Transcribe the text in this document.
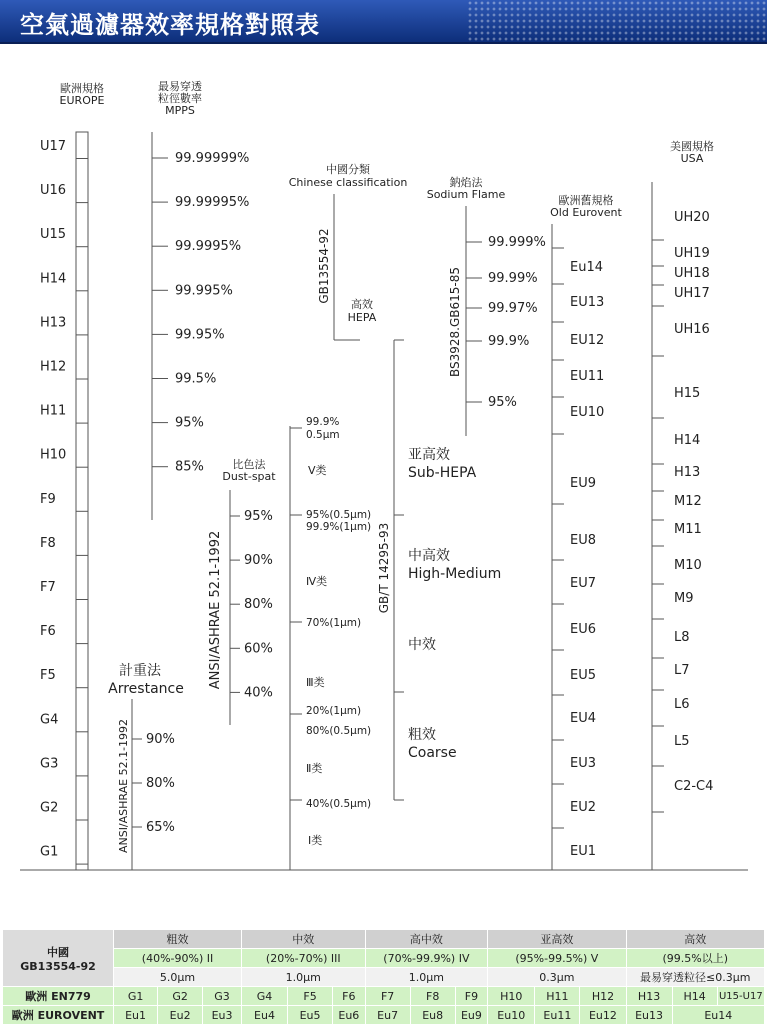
空氣過濾器效率規格對照表
歐洲規格
EUROPE
U17
U16
U15
H14
H13
H12
H11
H10
F9
F8
F7
F6
F5
G4
G3
G2
G1
最易穿透
粒徑數率
MPPS
99.99999%
99.99995%
99.9995%
99.995%
99.95%
99.5%
95%
85%
計重法
Arrestance
ANSI/ASHRAE 52.1-1992 90%
80%
65%
比色法
Dust-spat
ANSI/ASHRAE 52.1-1992
95%
90%
80%
60%
40%
99.9%
0.5μm
Ⅴ类
95%(0.5μm)
99.9%(1μm)
Ⅳ类
70%(1μm)
Ⅲ类
20%(1μm)
80%(0.5μm)
Ⅱ类
40%(0.5μm)
Ⅰ类
中國分類
Chinese classification
GB13554-92
高效
HEPA
GB/T 14295-93
亚高效
Sub-HEPA
中高效
High-Medium
中效
粗效
Coarse
鈉焰法
Sodium Flame
BS3928.GB615-85
99.999%
99.99%
99.97%
99.9%
95%
歐洲舊規格
Old Eurovent
Eu14
EU13
EU12
EU11
EU10
EU9
EU8
EU7
EU6
EU5
EU4
EU3
EU2
EU1
美國規格
USA
UH20
UH19
UH18
UH17
UH16
H15
H14
H13
M12
M11
M10
M9
L8
L7
L6
L5
C2-C4
中國
GB13554-92	粗效			中效			高中效			亚高效			高效		
	(40%-90%) II			(20%-70%) III			(70%-99.9%) IV			(95%-99.5%) V			(99.5%以上)		
	5.0μm			1.0μm			1.0μm			0.3μm			最易穿透粒径≤0.3μm		
歐洲 EN779	G1	G2	G3	G4	F5	F6	F7	F8	F9	H10	H11	H12	H13	H14	U15-U17
歐洲 EUROVENT	Eu1	Eu2	Eu3	Eu4	Eu5	Eu6	Eu7	Eu8	Eu9	Eu10	Eu11	Eu12	Eu13	Eu14	
